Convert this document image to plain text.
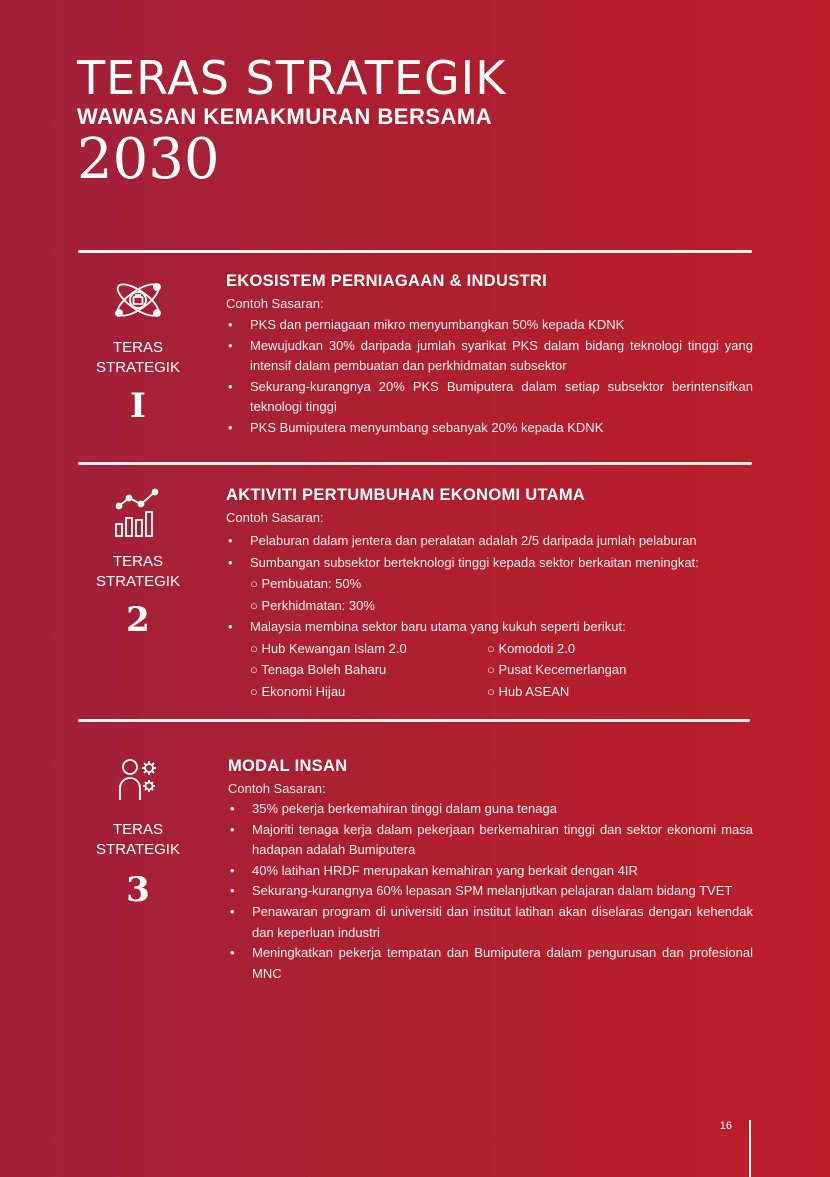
TERAS STRATEGIK
WAWASAN KEMAKMURAN BERSAMA
2030
TERAS
STRATEGIK
I
EKOSISTEM PERNIAGAAN & INDUSTRI
Contoh Sasaran:
• PKS dan perniagaan mikro menyumbangkan 50% kepada KDNK
• Mewujudkan 30% daripada jumlah syarikat PKS dalam bidang teknologi tinggi yang intensif dalam pembuatan dan perkhidmatan subsektor
• Sekurang-kurangnya 20% PKS Bumiputera dalam setiap subsektor berintensifkan teknologi tinggi
• PKS Bumiputera menyumbang sebanyak 20% kepada KDNK
TERAS
STRATEGIK
2
AKTIVITI PERTUMBUHAN EKONOMI UTAMA
Contoh Sasaran:
• Pelaburan dalam jentera dan peralatan adalah 2/5 daripada jumlah pelaburan
• Sumbangan subsektor berteknologi tinggi kepada sektor berkaitan meningkat:
○ Pembuatan: 50%
○ Perkhidmatan: 30%
• Malaysia membina sektor baru utama yang kukuh seperti berikut:
○ Hub Kewangan Islam 2.0
○ Tenaga Boleh Baharu
○ Ekonomi Hijau
○ Komodoti 2.0
○ Pusat Kecemerlangan
○ Hub ASEAN
TERAS
STRATEGIK
3
MODAL INSAN
Contoh Sasaran:
• 35% pekerja berkemahiran tinggi dalam guna tenaga
• Majoriti tenaga kerja dalam pekerjaan berkemahiran tinggi dan sektor ekonomi masa hadapan adalah Bumiputera
• 40% latihan HRDF merupakan kemahiran yang berkait dengan 4IR
• Sekurang-kurangnya 60% lepasan SPM melanjutkan pelajaran dalam bidang TVET
• Penawaran program di universiti dan institut latihan akan diselaras dengan kehendak dan keperluan industri
• Meningkatkan pekerja tempatan dan Bumiputera dalam pengurusan dan profesional MNC
16
